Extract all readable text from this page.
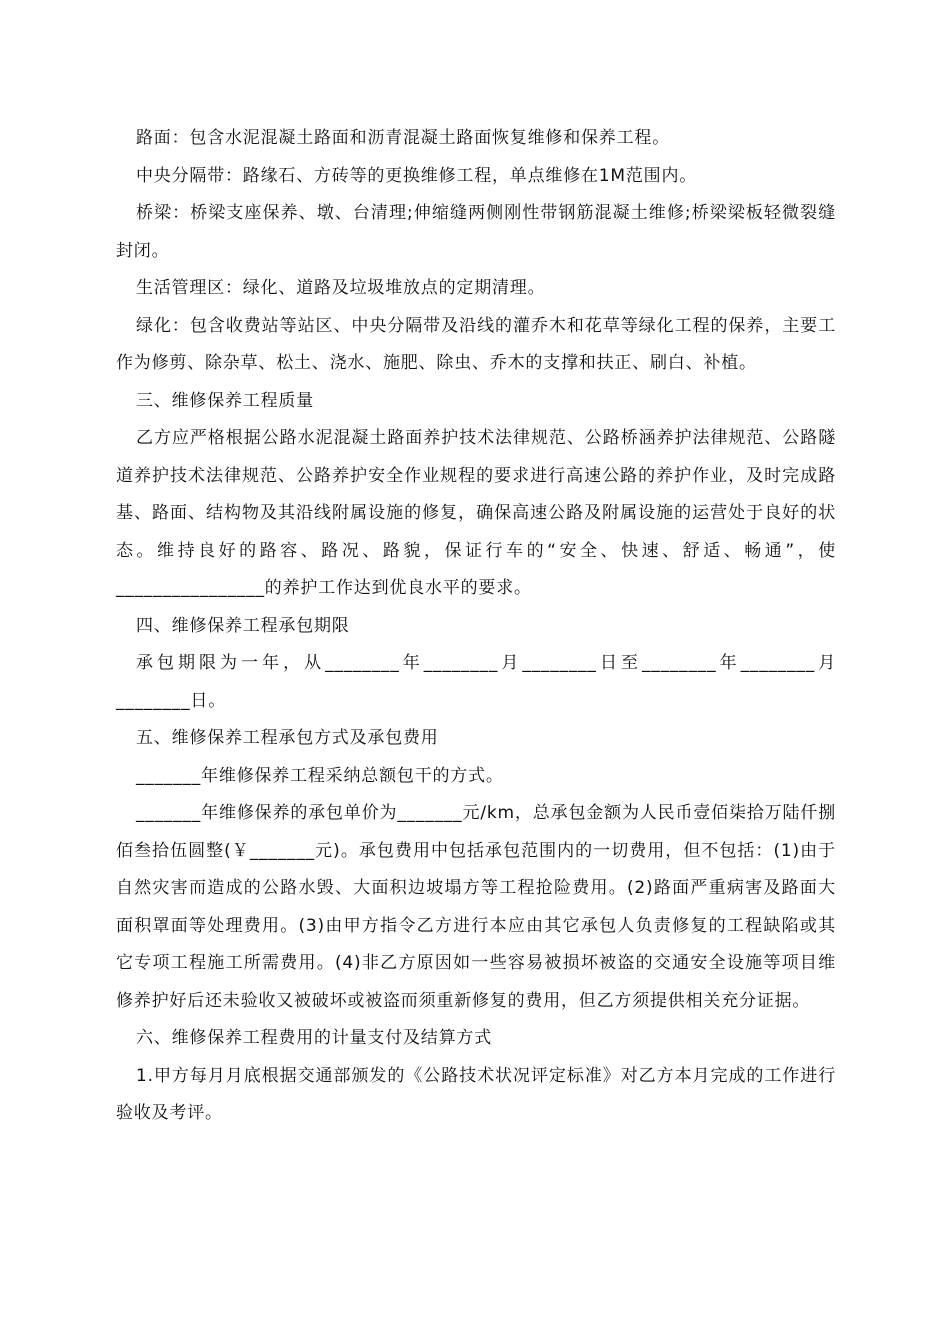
路面：包含水泥混凝土路面和沥青混凝土路面恢复维修和保养工程。

中央分隔带：路缘石、方砖等的更换维修工程，单点维修在1M范围内。

桥梁：桥梁支座保养、墩、台清理;伸缩缝两侧刚性带钢筋混凝土维修;桥梁梁板轻微裂缝封闭。

生活管理区：绿化、道路及垃圾堆放点的定期清理。

绿化：包含收费站等站区、中央分隔带及沿线的灌乔木和花草等绿化工程的保养，主要工作为修剪、除杂草、松土、浇水、施肥、除虫、乔木的支撑和扶正、刷白、补植。

三、维修保养工程质量

乙方应严格根据公路水泥混凝土路面养护技术法律规范、公路桥涵养护法律规范、公路隧道养护技术法律规范、公路养护安全作业规程的要求进行高速公路的养护作业，及时完成路基、路面、结构物及其沿线附属设施的修复，确保高速公路及附属设施的运营处于良好的状态。维持良好的路容、路况、路貌，保证行车的“安全、快速、舒适、畅通”，使________________的养护工作达到优良水平的要求。

四、维修保养工程承包期限

承包期限为一年，从________年________月________日至________年________月________日。

五、维修保养工程承包方式及承包费用

_______年维修保养工程采纳总额包干的方式。

_______年维修保养的承包单价为_______元/km，总承包金额为人民币壹佰柒拾万陆仟捌佰叁拾伍圆整(￥_______元)。承包费用中包括承包范围内的一切费用，但不包括：(1)由于自然灾害而造成的公路水毁、大面积边坡塌方等工程抢险费用。(2)路面严重病害及路面大面积罩面等处理费用。(3)由甲方指令乙方进行本应由其它承包人负责修复的工程缺陷或其它专项工程施工所需费用。(4)非乙方原因如一些容易被损坏被盗的交通安全设施等项目维修养护好后还未验收又被破坏或被盗而须重新修复的费用，但乙方须提供相关充分证据。

六、维修保养工程费用的计量支付及结算方式

1.甲方每月月底根据交通部颁发的《公路技术状况评定标准》对乙方本月完成的工作进行验收及考评。
